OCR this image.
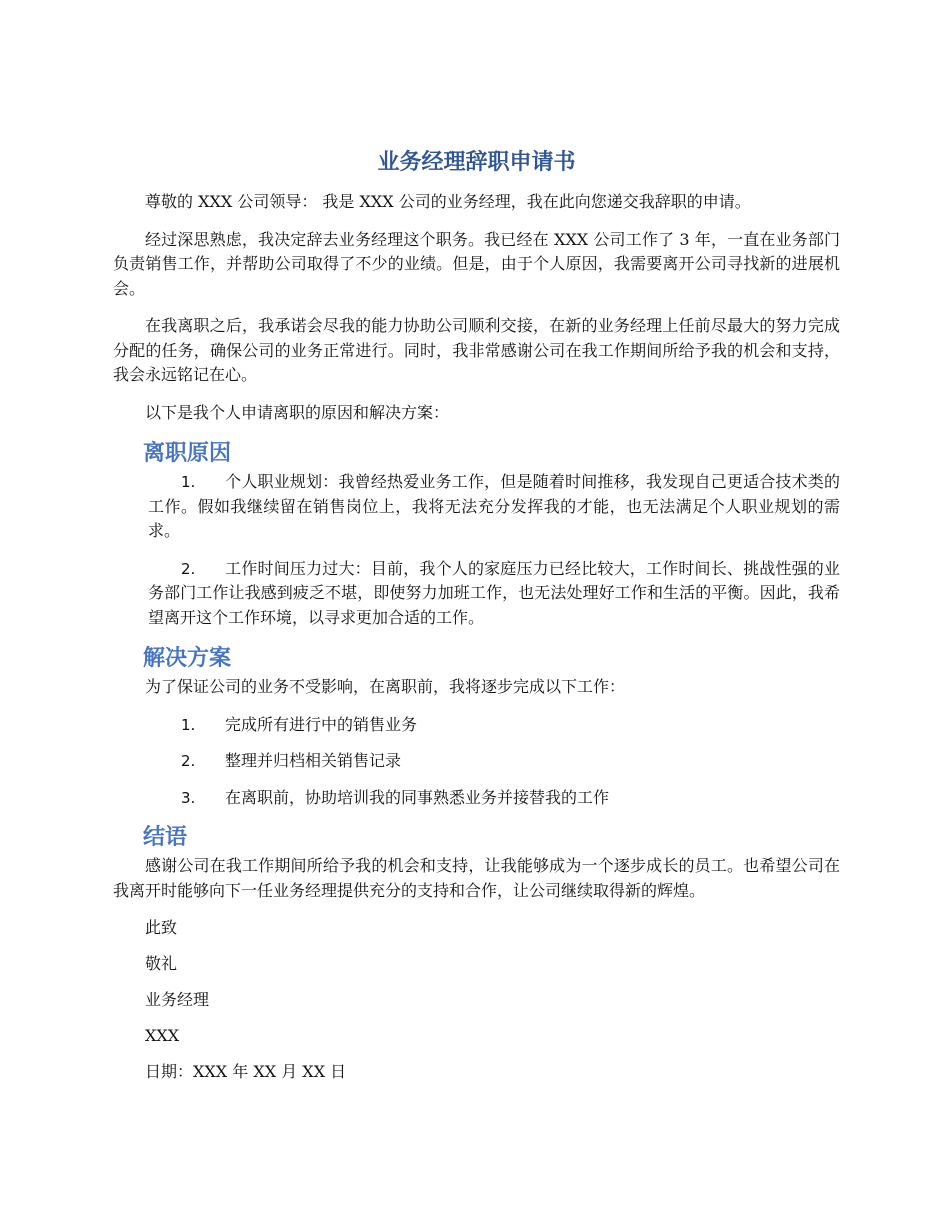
业务经理辞职申请书

尊敬的 XXX 公司领导： 我是 XXX 公司的业务经理，我在此向您递交我辞职的申请。

经过深思熟虑，我决定辞去业务经理这个职务。我已经在 XXX 公司工作了 3 年，一直在业务部门负责销售工作，并帮助公司取得了不少的业绩。但是，由于个人原因，我需要离开公司寻找新的进展机会。

在我离职之后，我承诺会尽我的能力协助公司顺利交接，在新的业务经理上任前尽最大的努力完成分配的任务，确保公司的业务正常进行。同时，我非常感谢公司在我工作期间所给予我的机会和支持，我会永远铭记在心。

以下是我个人申请离职的原因和解决方案：

离职原因
1. 个人职业规划：我曾经热爱业务工作，但是随着时间推移，我发现自己更适合技术类的工作。假如我继续留在销售岗位上，我将无法充分发挥我的才能，也无法满足个人职业规划的需求。
2. 工作时间压力过大：目前，我个人的家庭压力已经比较大，工作时间长、挑战性强的业务部门工作让我感到疲乏不堪，即使努力加班工作，也无法处理好工作和生活的平衡。因此，我希望离开这个工作环境，以寻求更加合适的工作。
解决方案

为了保证公司的业务不受影响，在离职前，我将逐步完成以下工作：

1. 完成所有进行中的销售业务
2. 整理并归档相关销售记录
3. 在离职前，协助培训我的同事熟悉业务并接替我的工作
结语

感谢公司在我工作期间所给予我的机会和支持，让我能够成为一个逐步成长的员工。也希望公司在我离开时能够向下一任业务经理提供充分的支持和合作，让公司继续取得新的辉煌。

此致

敬礼

业务经理

XXX

日期：XXX 年 XX 月 XX 日
